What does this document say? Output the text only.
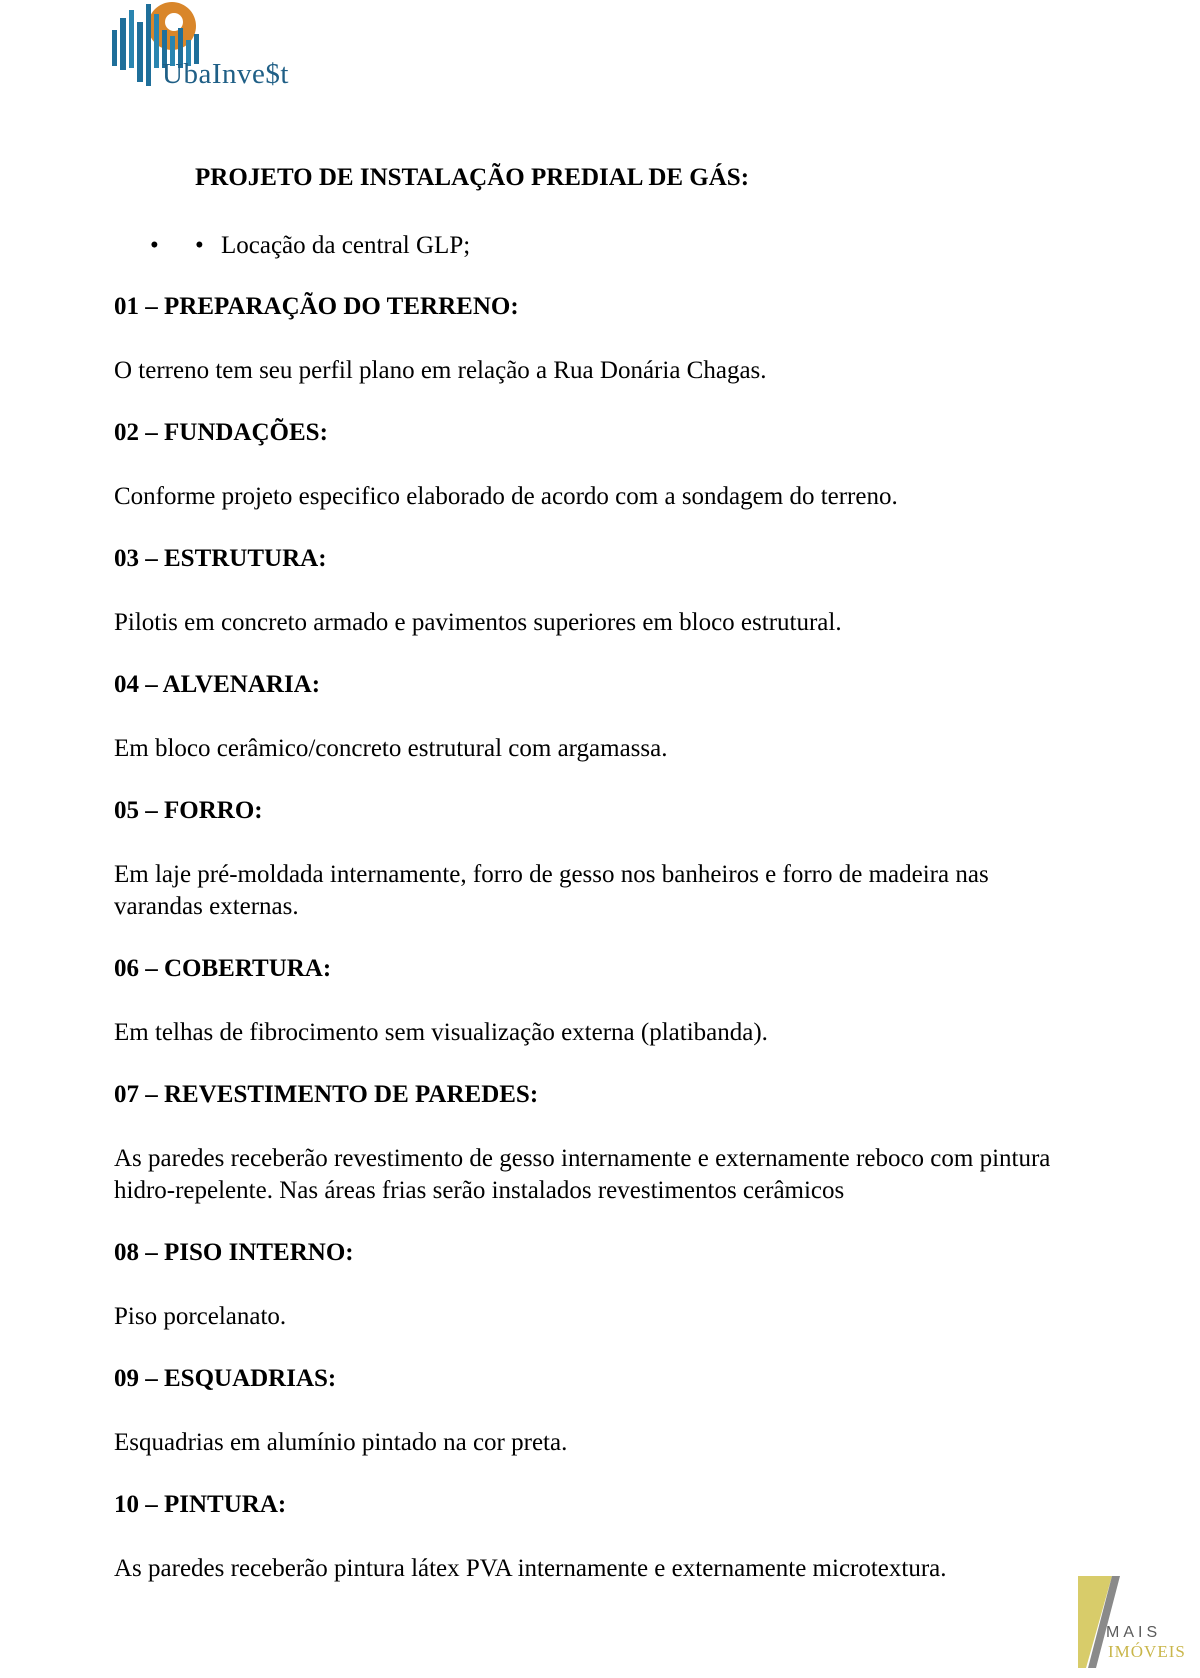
UbaInve$t
PROJETO DE INSTALAÇÃO PREDIAL DE GÁS:
• • Locação da central GLP;

01 – PREPARAÇÃO DO TERRENO:

O terreno tem seu perfil plano em relação a Rua Donária Chagas.

02 – FUNDAÇÕES:

Conforme projeto especifico elaborado de acordo com a sondagem do terreno.

03 – ESTRUTURA:

Pilotis em concreto armado e pavimentos superiores em bloco estrutural.

04 – ALVENARIA:

Em bloco cerâmico/concreto estrutural com argamassa.

05 – FORRO:

Em laje pré-moldada internamente, forro de gesso nos banheiros e forro de madeira nas varandas externas.

06 – COBERTURA:

Em telhas de fibrocimento sem visualização externa (platibanda).

07 – REVESTIMENTO DE PAREDES:

As paredes receberão revestimento de gesso internamente e externamente reboco com pintura hidro-repelente. Nas áreas frias serão instalados revestimentos cerâmicos

08 – PISO INTERNO:

Piso porcelanato.

09 – ESQUADRIAS:

Esquadrias em alumínio pintado na cor preta.

10 – PINTURA:

As paredes receberão pintura látex PVA internamente e externamente microtextura.

MAIS
IMÓVEIS
